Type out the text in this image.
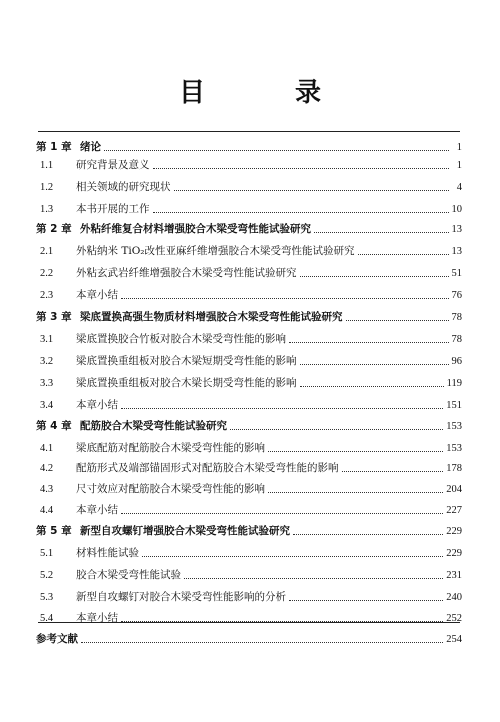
目　录
第 1 章 绪论	1
1.1	研究背景及意义	1
1.2	相关领域的研究现状	4
1.3	本书开展的工作	10
第 2 章 外粘纤维复合材料增强胶合木梁受弯性能试验研究	13
2.1	外粘纳米 TiO₂改性亚麻纤维增强胶合木梁受弯性能试验研究	13
2.2	外粘玄武岩纤维增强胶合木梁受弯性能试验研究	51
2.3	本章小结	76
第 3 章 梁底置换高强生物质材料增强胶合木梁受弯性能试验研究	78
3.1	梁底置换胶合竹板对胶合木梁受弯性能的影响	78
3.2	梁底置换重组板对胶合木梁短期受弯性能的影响	96
3.3	梁底置换重组板对胶合木梁长期受弯性能的影响	119
3.4	本章小结	151
第 4 章 配筋胶合木梁受弯性能试验研究	153
4.1	梁底配筋对配筋胶合木梁受弯性能的影响	153
4.2	配筋形式及端部锚固形式对配筋胶合木梁受弯性能的影响	178
4.3	尺寸效应对配筋胶合木梁受弯性能的影响	204
4.4	本章小结	227
第 5 章 新型自攻螺钉增强胶合木梁受弯性能试验研究	229
5.1	材料性能试验	229
5.2	胶合木梁受弯性能试验	231
5.3	新型自攻螺钉对胶合木梁受弯性能影响的分析	240
5.4	本章小结	252
参考文献	254
